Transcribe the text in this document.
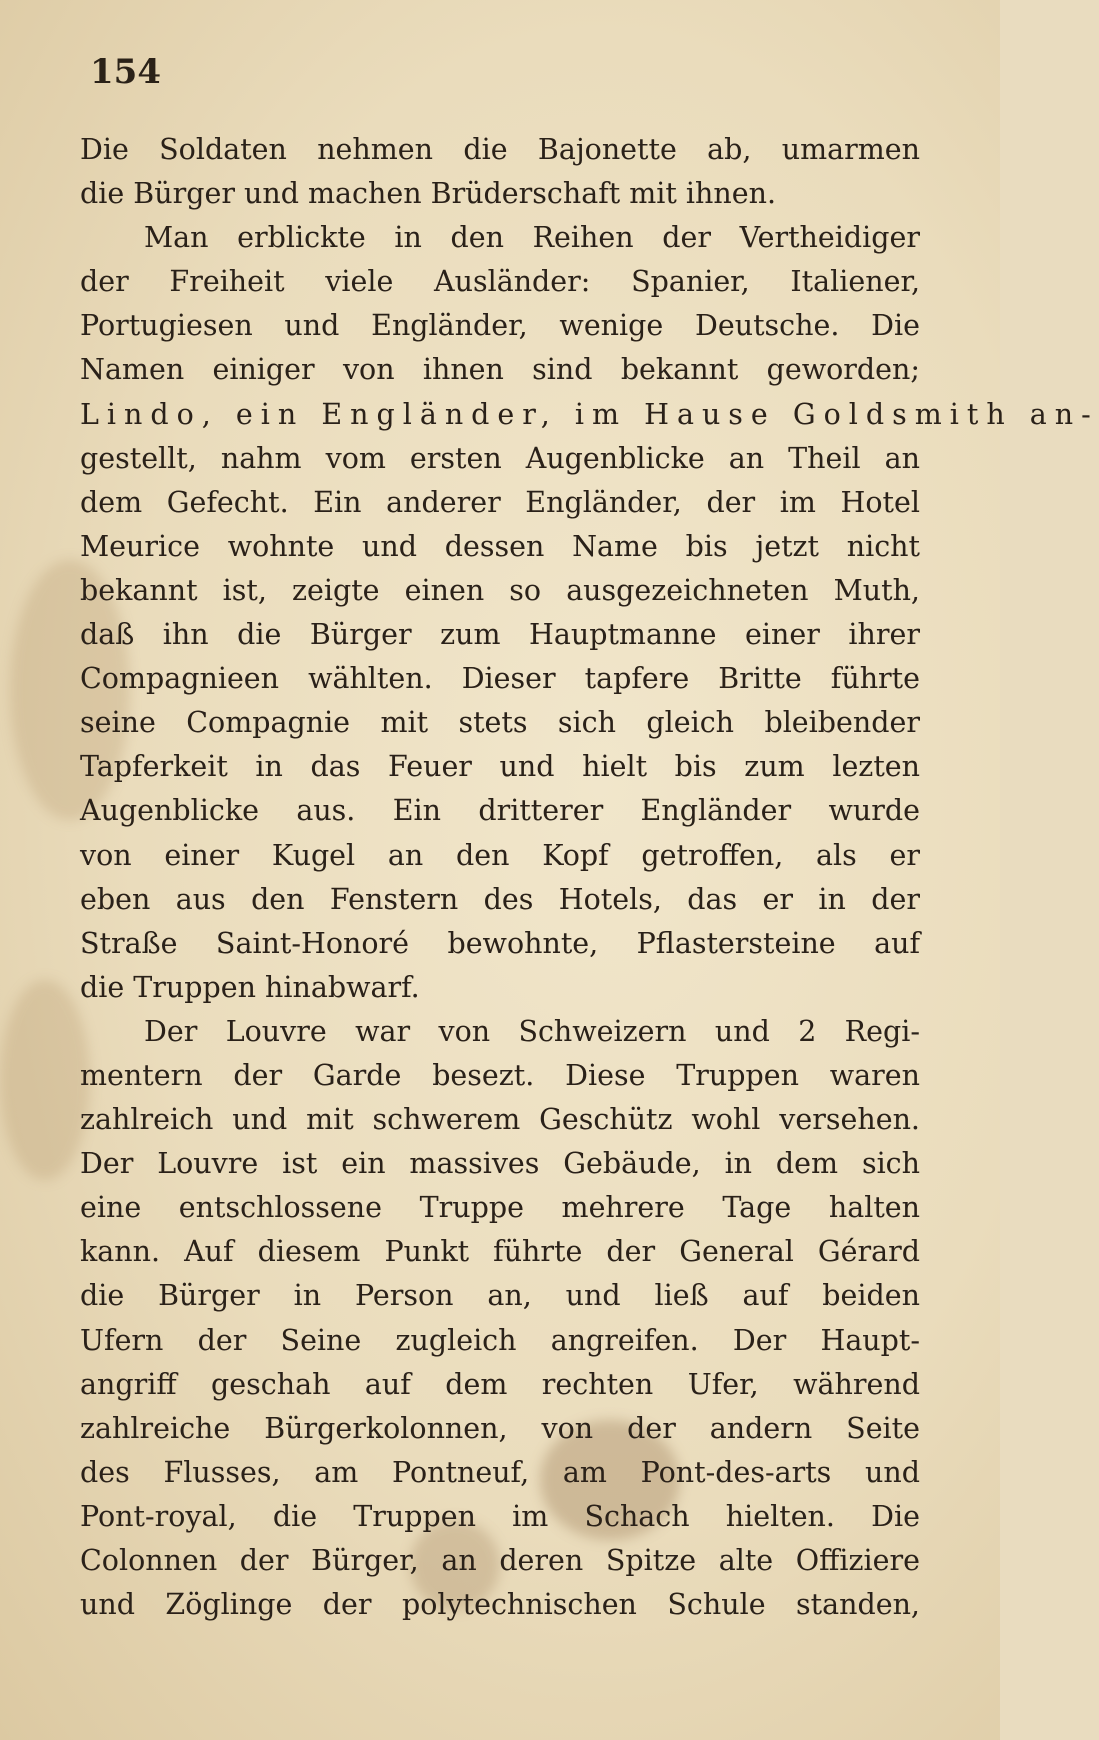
154
Die Soldaten nehmen die Bajonette ab, umarmen
die Bürger und machen Brüderschaft mit ihnen.
Man erblickte in den Reihen der Vertheidiger
der Freiheit viele Ausländer: Spanier, Italiener,
Portugiesen und Engländer, wenige Deutsche. Die
Namen einiger von ihnen sind bekannt geworden;
Lindo, ein Engländer, im Hause Goldsmith an-
gestellt, nahm vom ersten Augenblicke an Theil an
dem Gefecht. Ein anderer Engländer, der im Hotel
Meurice wohnte und dessen Name bis jetzt nicht
bekannt ist, zeigte einen so ausgezeichneten Muth,
daß ihn die Bürger zum Hauptmanne einer ihrer
Compagnieen wählten. Dieser tapfere Britte führte
seine Compagnie mit stets sich gleich bleibender
Tapferkeit in das Feuer und hielt bis zum lezten
Augenblicke aus. Ein dritterer Engländer wurde
von einer Kugel an den Kopf getroffen, als er
eben aus den Fenstern des Hotels, das er in der
Straße Saint-Honoré bewohnte, Pflastersteine auf
die Truppen hinabwarf.
Der Louvre war von Schweizern und 2 Regi-
mentern der Garde besezt. Diese Truppen waren
zahlreich und mit schwerem Geschütz wohl versehen.
Der Louvre ist ein massives Gebäude, in dem sich
eine entschlossene Truppe mehrere Tage halten
kann. Auf diesem Punkt führte der General Gérard
die Bürger in Person an, und ließ auf beiden
Ufern der Seine zugleich angreifen. Der Haupt-
angriff geschah auf dem rechten Ufer, während
zahlreiche Bürgerkolonnen, von der andern Seite
des Flusses, am Pontneuf, am Pont-des-arts und
Pont-royal, die Truppen im Schach hielten. Die
Colonnen der Bürger, an deren Spitze alte Offiziere
und Zöglinge der polytechnischen Schule standen,
